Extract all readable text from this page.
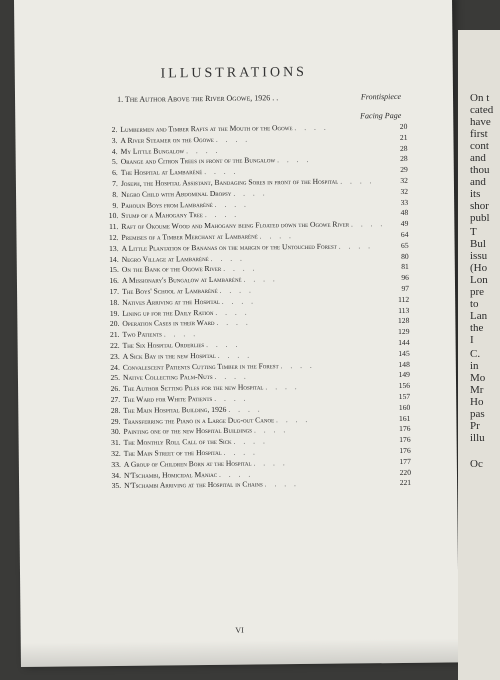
ILLUSTRATIONS
1. The Author Above the River Ogowe, 1926 . .	Frontispiece
Facing Page
2. Lumbermen and Timber Rafts at the Mouth of the Ogowe . . . .	20
3. A River Steamer on the Ogowe . . . .	21
4. My Little Bungalow . . . .	28
5. Orange and Citron Trees in front of the Bungalow . . . .	28
6. The Hospital at Lambaréné . . . .	29
7. Joseph, the Hospital Assistant, Bandaging Sores in front of the Hospital . . . .	32
8. Negro Child with Abdominal Dropsy . . . .	32
9. Pahouin Boys from Lambaréné . . . .	33
10. Stump of a Mahogany Tree . . . .	48
11. Raft of Okoume Wood and Mahogany being Floated down the Ogowe River . . . .	49
12. Premises of a Timber Merchant at Lambaréné . . . .	64
13. A Little Plantation of Bananas on the margin of the Untouched Forest . . . .	65
14. Negro Village at Lambaréné . . . .	80
15. On the Bank of the Ogowe River . . . .	81
16. A Missionary's Bungalow at Lambaréné . . . .	96
17. The Boys' School at Lambaréné . . . .	97
18. Natives Arriving at the Hospital . . . .	112
19. Lining up for the Daily Ration . . . .	113
20. Operation Cases in their Ward . . . .	128
21. Two Patients . . . .	129
22. The Six Hospital Orderlies . . . .	144
23. A Sick Bay in the new Hospital . . . .	145
24. Convalescent Patients Cutting Timber in the Forest . . . .	148
25. Native Collecting Palm-Nuts . . . .	149
26. The Author Setting Piles for the new Hospital . . . .	156
27. The Ward for White Patients . . . .	157
28. The Main Hospital Building, 1926 . . . .	160
29. Transferring the Piano in a Large Dug-out Canoe . . . .	161
30. Painting one of the new Hospital Buildings . . . .	176
31. The Monthly Roll Call of the Sick . . . .	176
32. The Main Street of the Hospital . . . .	176
33. A Group of Children Born at the Hospital . . . .	177
34. N'Tschambi, Homicidal Maniac . . . .	220
35. N'Tschambi Arriving at the Hospital in Chains . . . .	221
VI
On t
cated
have
first
cont
and
thou
and
its
shor
publ
T
Bul
issu
(Ho
Lon
pre
to
Lan
the
I
C.
in
Mo
Mr
Ho
pas
Pr
illu
Oc
